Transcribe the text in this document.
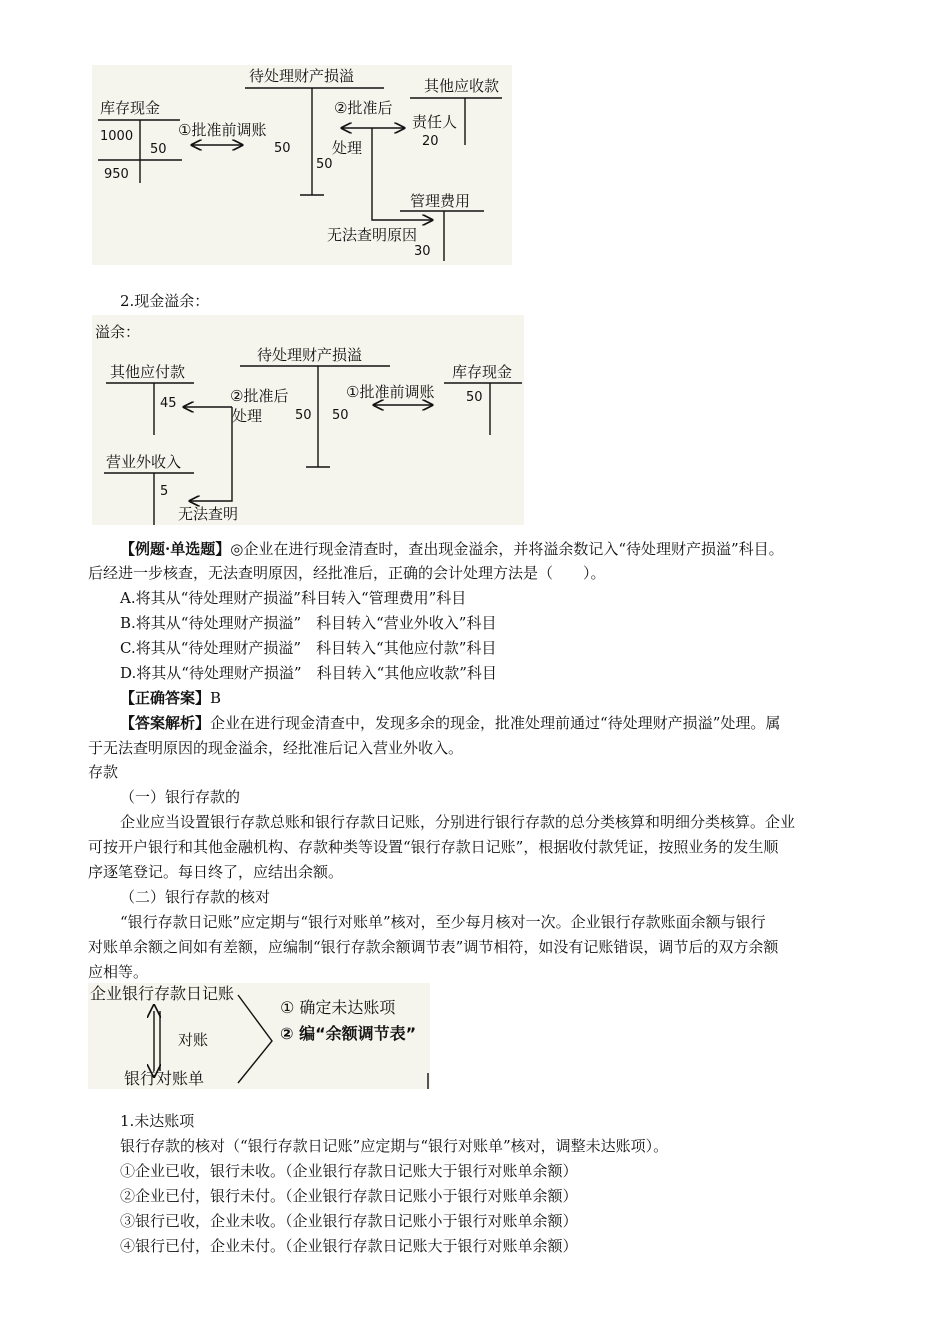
库存现金
1000
50
950
①批准前调账
待处理财产损溢
50
50
②批准后
处理
其他应收款
责任人
20
管理费用
无法查明原因
30
2.现金溢余：
溢余：
待处理财产损溢
50 50
其他应付款
45	②批准后
处理
①批准前调账
库存现金
50
营业外收入
5
无法查明
【例题·单选题】◎企业在进行现金清查时，查出现金溢余，并将溢余数记入“待处理财产损溢”科目。
后经进一步核查，无法查明原因，经批准后，正确的会计处理方法是（　　）。
A.将其从“待处理财产损溢”科目转入“管理费用”科目
B.将其从“待处理财产损溢”　科目转入“营业外收入”科目
C.将其从“待处理财产损溢”　科目转入“其他应付款”科目
D.将其从“待处理财产损溢”　科目转入“其他应收款”科目
【正确答案】B
【答案解析】企业在进行现金清查中，发现多余的现金，批准处理前通过“待处理财产损溢”处理。属
于无法查明原因的现金溢余，经批准后记入营业外收入。
存款
（一）银行存款的
企业应当设置银行存款总账和银行存款日记账，分别进行银行存款的总分类核算和明细分类核算。企业
可按开户银行和其他金融机构、存款种类等设置“银行存款日记账”，根据收付款凭证，按照业务的发生顺
序逐笔登记。每日终了，应结出余额。
（二）银行存款的核对
“银行存款日记账”应定期与“银行对账单”核对，至少每月核对一次。企业银行存款账面余额与银行
对账单余额之间如有差额，应编制“银行存款余额调节表”调节相符，如没有记账错误，调节后的双方余额
应相等。
企业银行存款日记账
对账
银行对账单
① 确定未达账项
② 编“余额调节表”
1.未达账项
银行存款的核对（“银行存款日记账”应定期与“银行对账单”核对，调整未达账项）。
①企业已收，银行未收。（企业银行存款日记账大于银行对账单余额）
②企业已付，银行未付。（企业银行存款日记账小于银行对账单余额）
③银行已收，企业未收。（企业银行存款日记账小于银行对账单余额）
④银行已付，企业未付。（企业银行存款日记账大于银行对账单余额）
